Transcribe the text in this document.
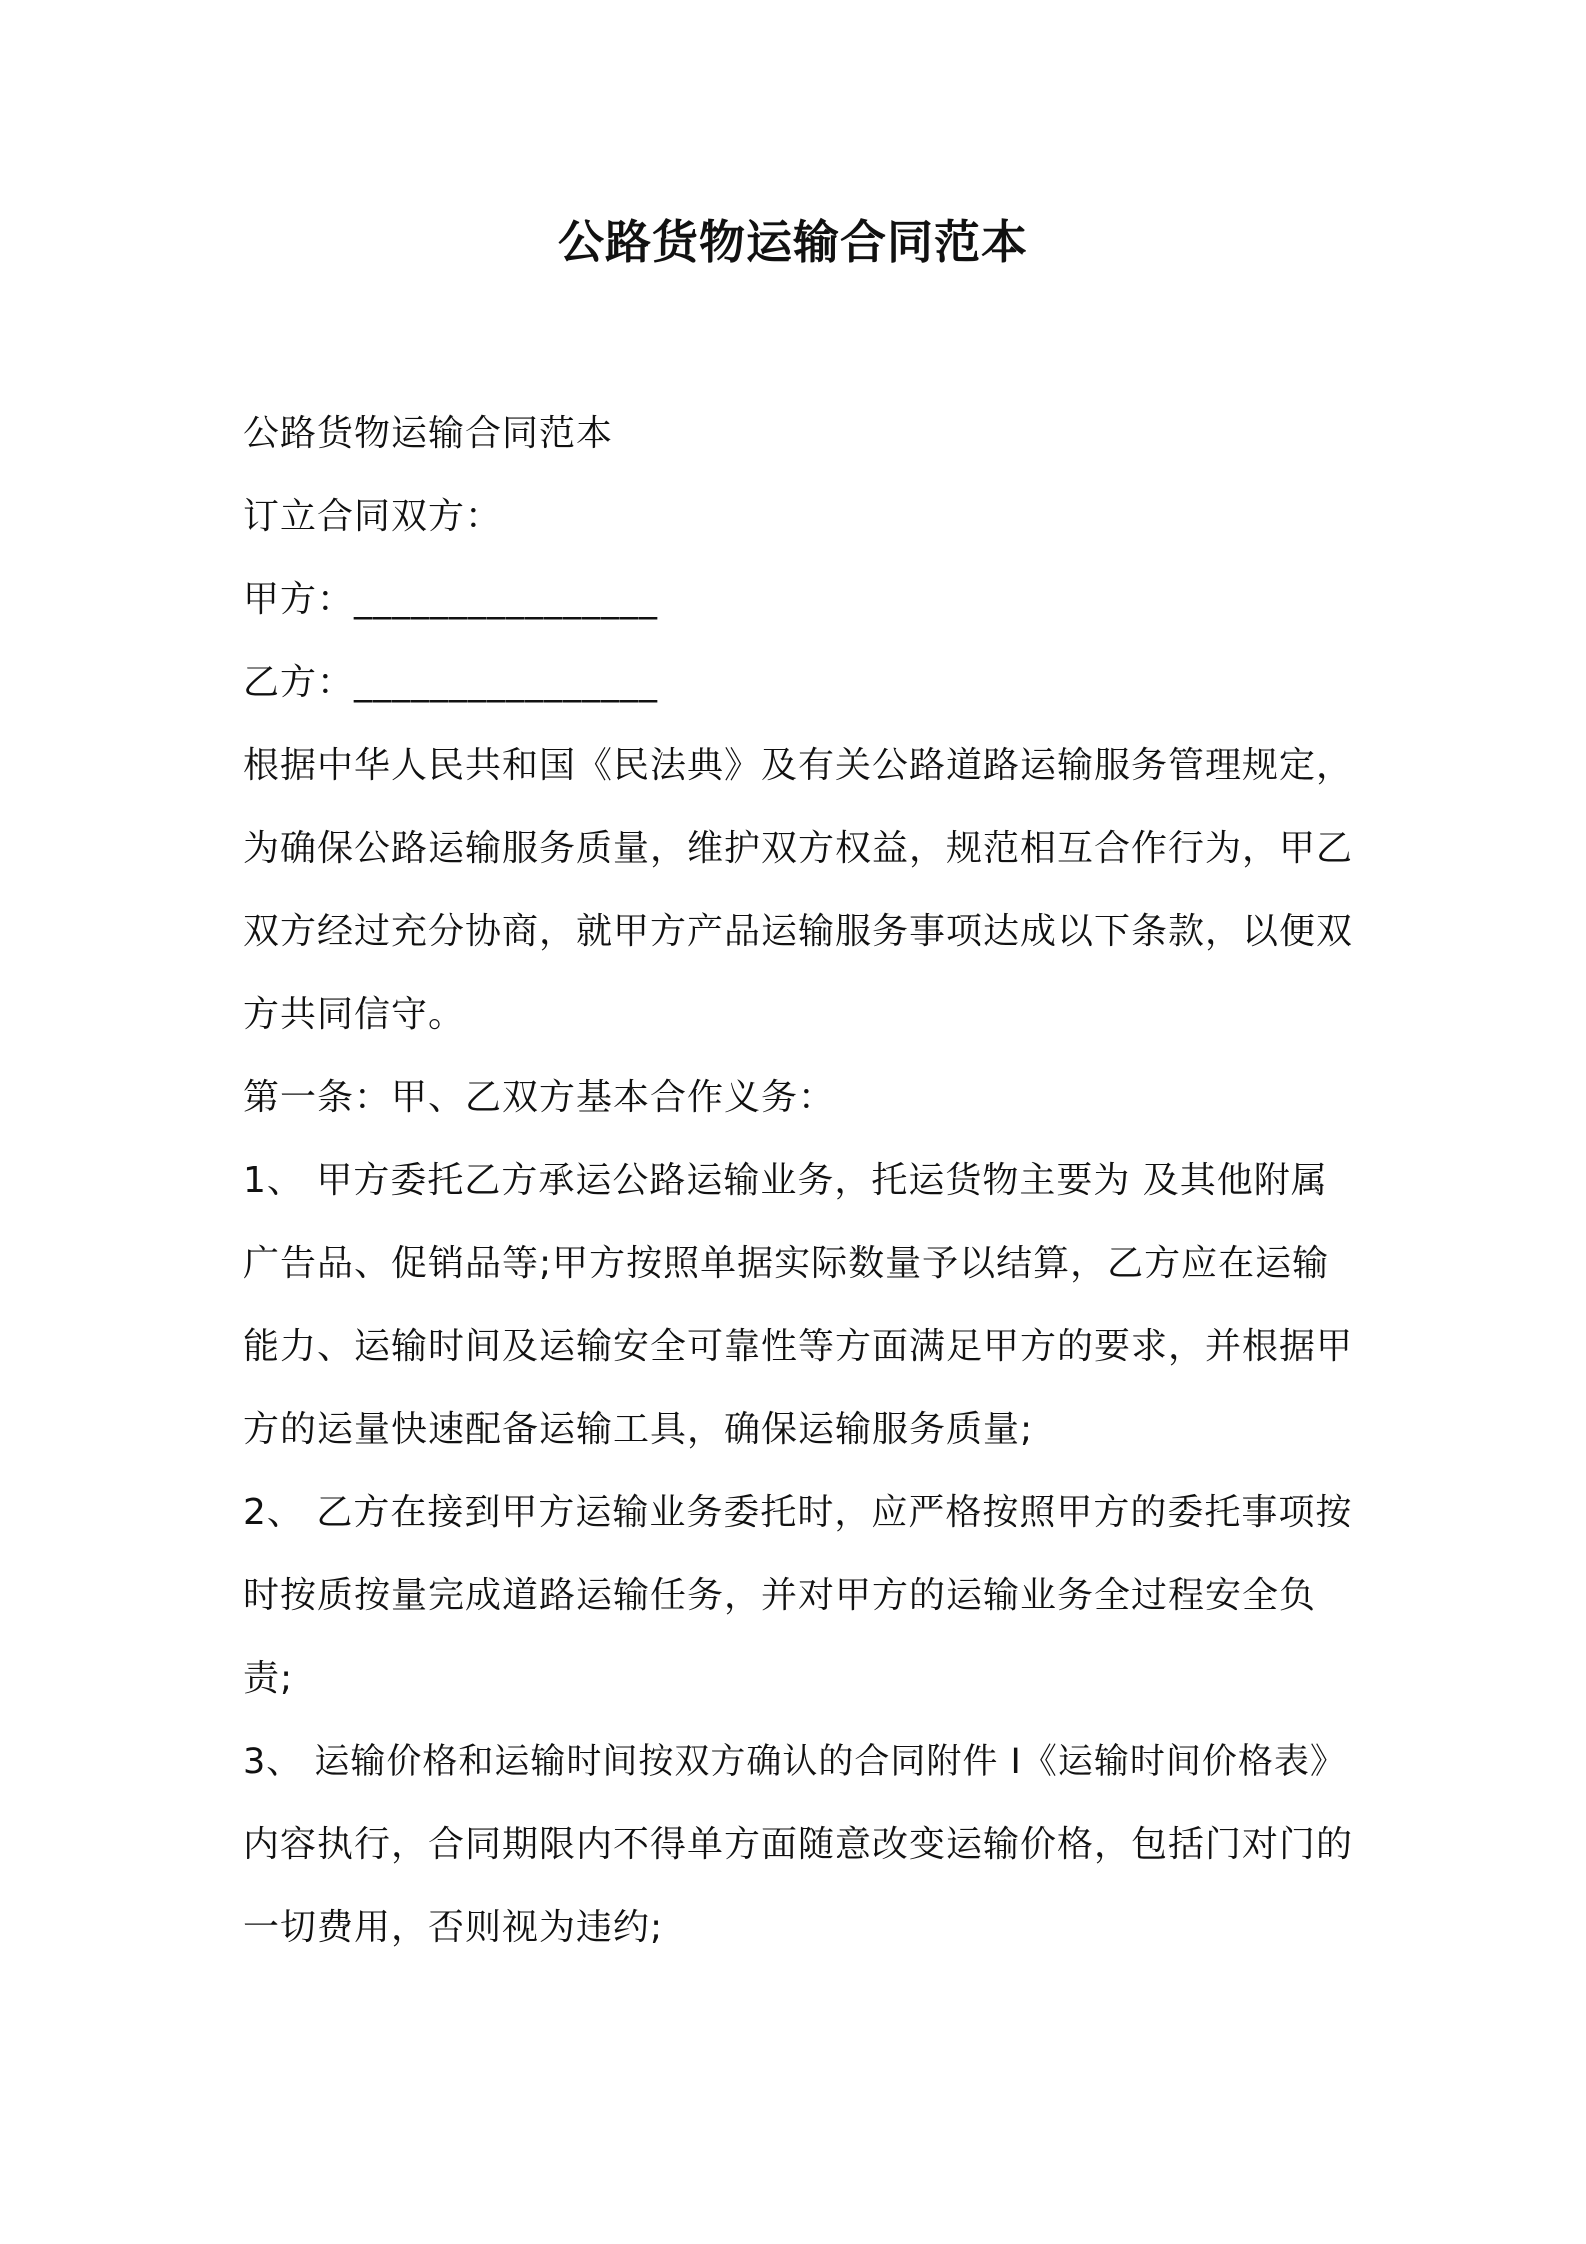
公路货物运输合同范本
公路货物运输合同范本
订立合同双方：
甲方：________________
乙方：________________
根据中华人民共和国《民法典》及有关公路道路运输服务管理规定，
为确保公路运输服务质量，维护双方权益，规范相互合作行为，甲乙
双方经过充分协商，就甲方产品运输服务事项达成以下条款，以便双
方共同信守。
第一条：甲、乙双方基本合作义务：
1、 甲方委托乙方承运公路运输业务，托运货物主要为 及其他附属
广告品、促销品等;甲方按照单据实际数量予以结算，乙方应在运输
能力、运输时间及运输安全可靠性等方面满足甲方的要求，并根据甲
方的运量快速配备运输工具，确保运输服务质量;
2、 乙方在接到甲方运输业务委托时，应严格按照甲方的委托事项按
时按质按量完成道路运输任务，并对甲方的运输业务全过程安全负
责;
3、 运输价格和运输时间按双方确认的合同附件 I《运输时间价格表》
内容执行，合同期限内不得单方面随意改变运输价格，包括门对门的
一切费用，否则视为违约;
